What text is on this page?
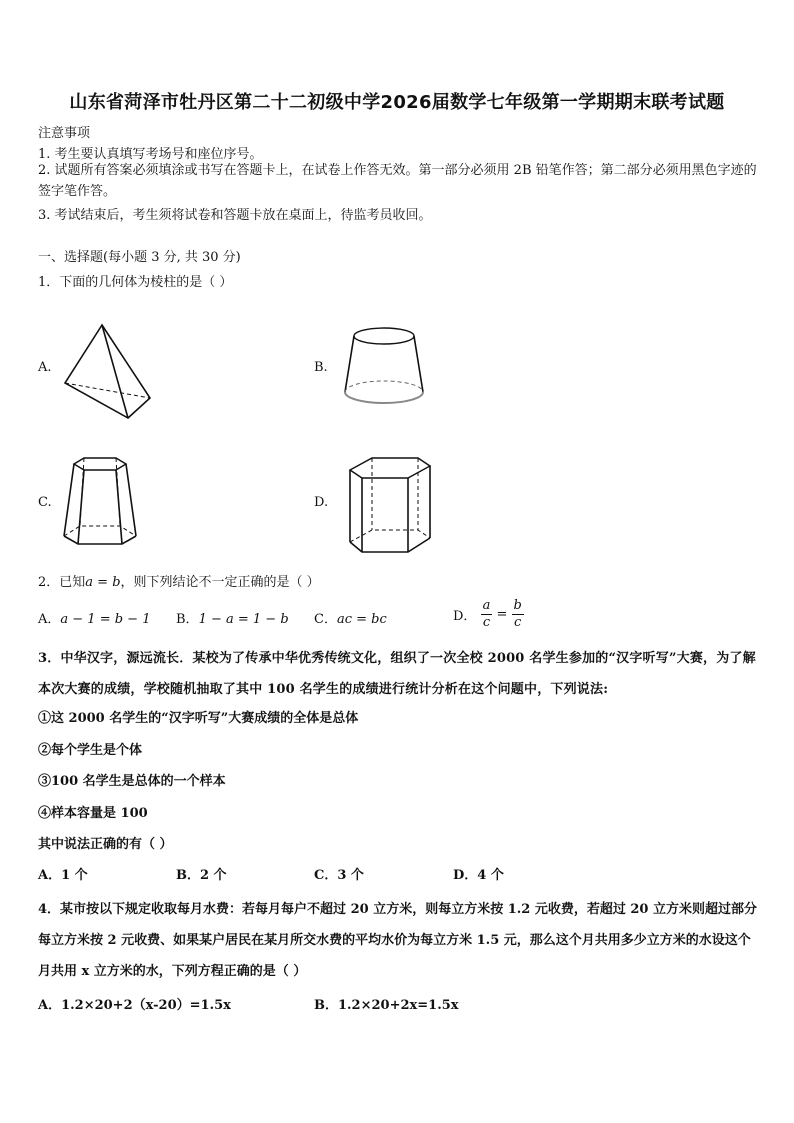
山东省菏泽市牡丹区第二十二初级中学2026届数学七年级第一学期期末联考试题
注意事项
1. 考生要认真填写考场号和座位序号。
2. 试题所有答案必须填涂或书写在答题卡上，在试卷上作答无效。第一部分必须用 2B 铅笔作答；第二部分必须用黑色字迹的签字笔作答。
3. 考试结束后，考生须将试卷和答题卡放在桌面上，待监考员收回。
一、选择题(每小题 3 分, 共 30 分)
1．下面的几何体为棱柱的是（ ）
A.	B.
C.	D.
2．已知a = b，则下列结论不一定正确的是（ ）
A．a − 1 = b − 1 B．1 − a = 1 − b C．ac = bc	D． $\frac{a}{c} = \frac{b}{c}$
3．中华汉字，源远流长．某校为了传承中华优秀传统文化，组织了一次全校 2000 名学生参加的“汉字听写”大赛，为了解本次大赛的成绩，学校随机抽取了其中 100 名学生的成绩进行统计分析在这个问题中，下列说法:
①这 2000 名学生的“汉字听写”大赛成绩的全体是总体
②每个学生是个体
③100 名学生是总体的一个样本
④样本容量是 100
其中说法正确的有（ ）
A．1 个	B．2 个	C．3 个	D．4 个
4．某市按以下规定收取每月水费：若每月每户不超过 20 立方米，则每立方米按 1.2 元收费，若超过 20 立方米则超过部分每立方米按 2 元收费、如果某户居民在某月所交水费的平均水价为每立方米 1.5 元，那么这个月共用多少立方米的水设这个月共用 x 立方米的水，下列方程正确的是（ ）
A．1.2×20+2（x-20）=1.5x	B．1.2×20+2x=1.5x
